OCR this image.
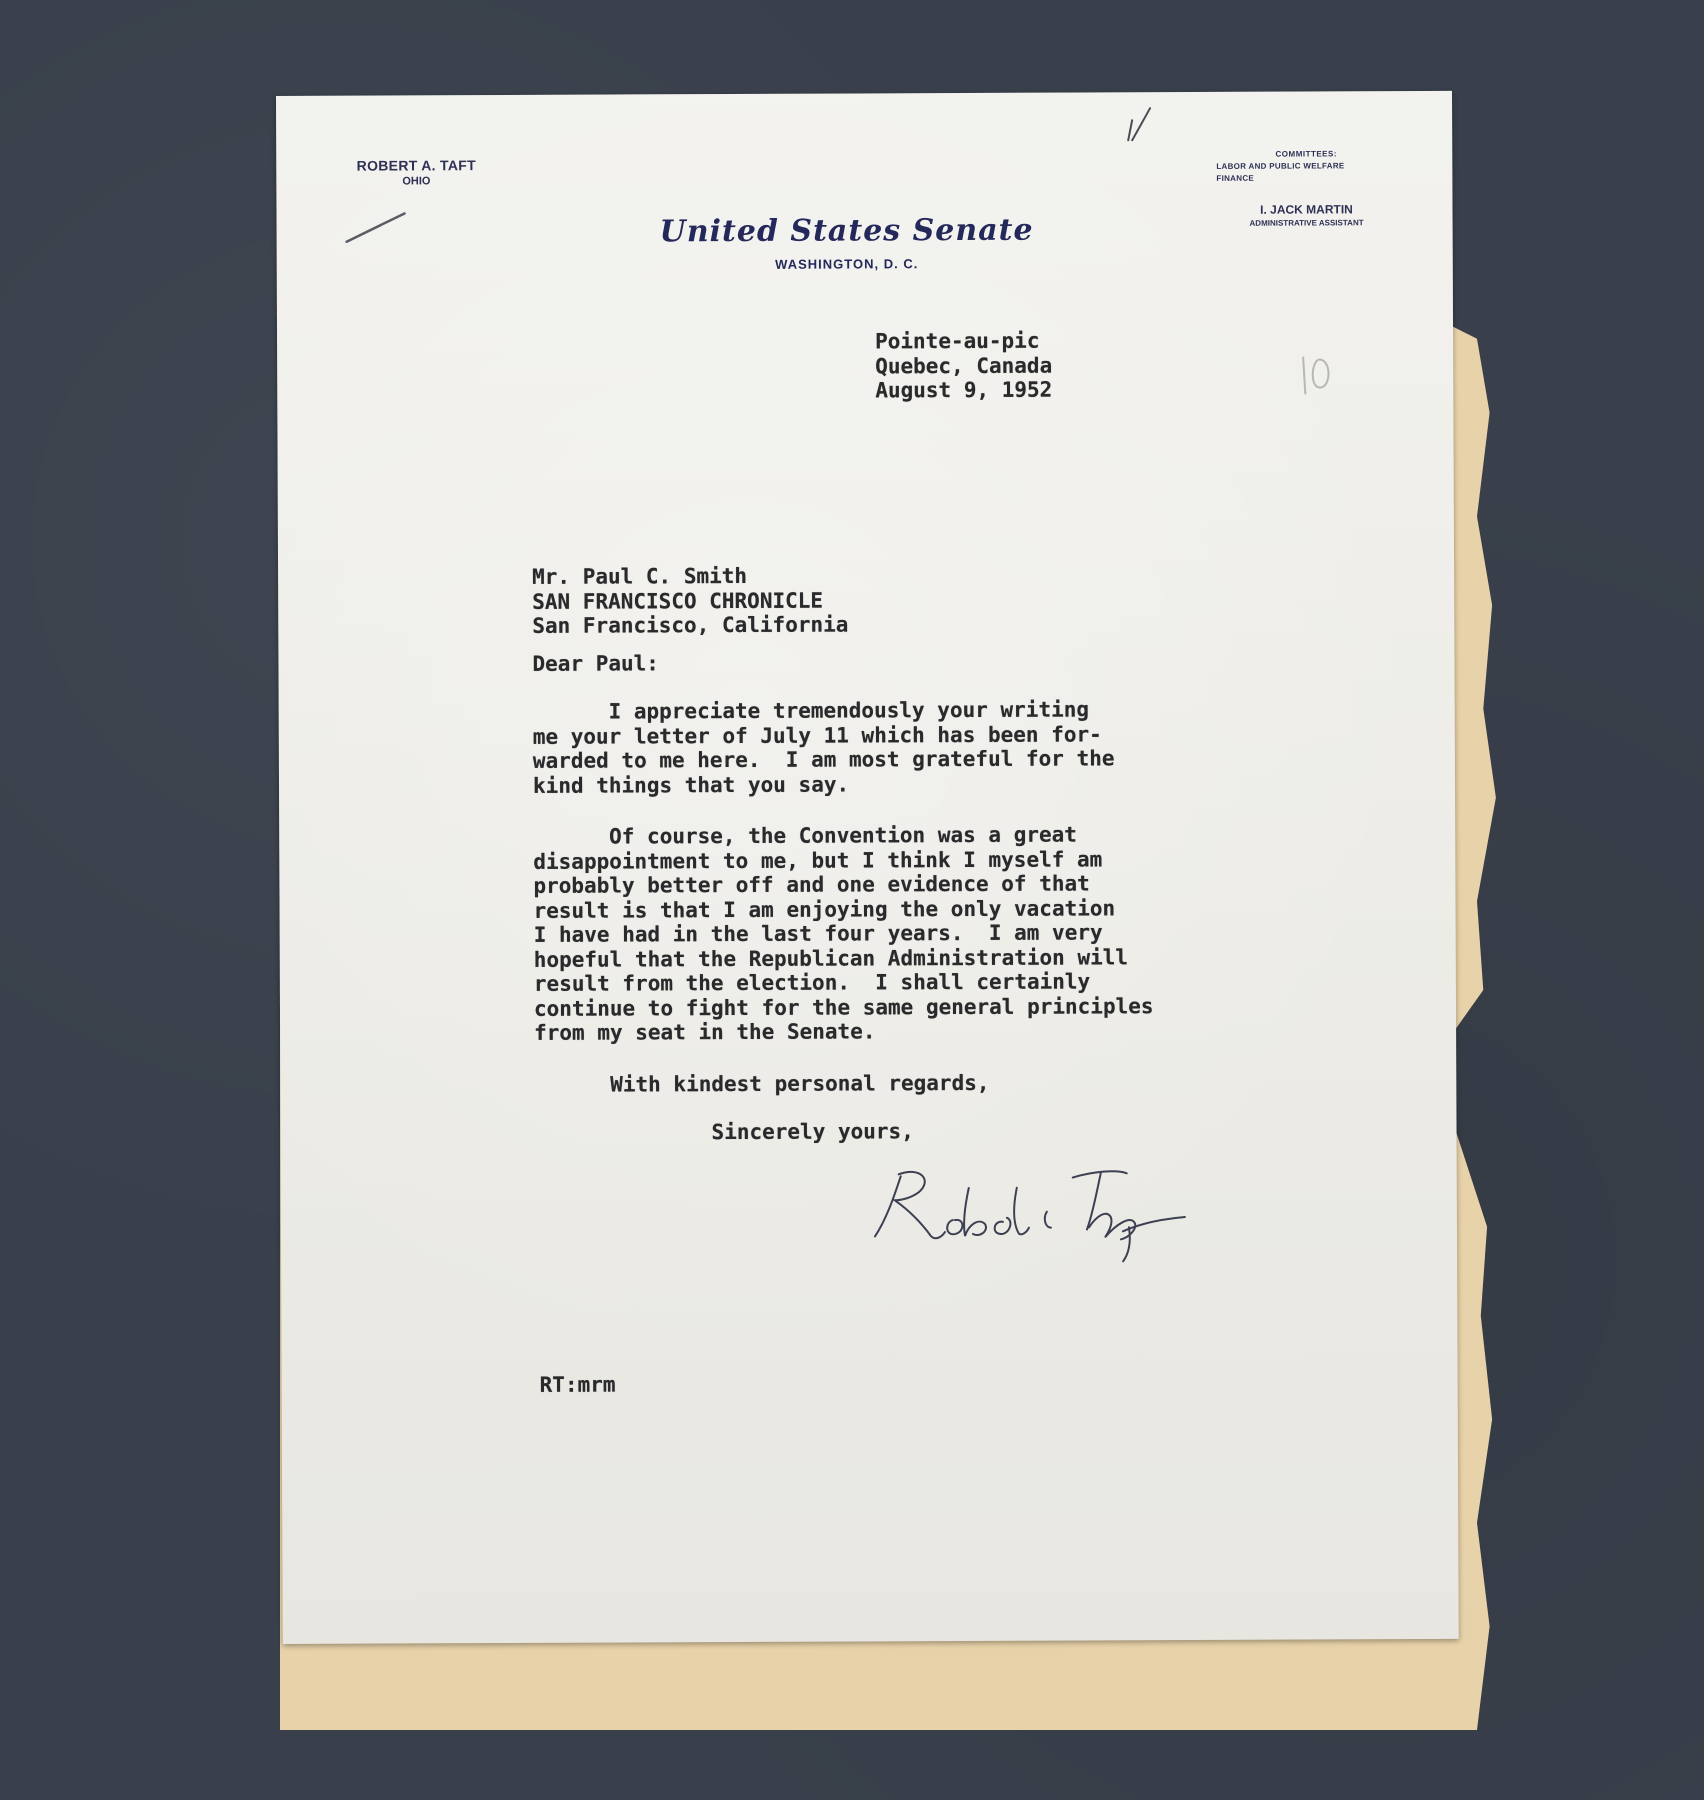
ROBERT A. TAFT
OHIO
United States Senate
WASHINGTON, D. C.
COMMITTEES:
LABOR AND PUBLIC WELFARE
FINANCE
I. JACK MARTIN
ADMINISTRATIVE ASSISTANT
Pointe-au-pic
Quebec, Canada
August 9, 1952
Mr. Paul C. Smith
SAN FRANCISCO CHRONICLE
San Francisco, California
Dear Paul:
I appreciate tremendously your writing
me your letter of July 11 which has been for-
warded to me here.  I am most grateful for the
kind things that you say.
Of course, the Convention was a great
disappointment to me, but I think I myself am
probably better off and one evidence of that
result is that I am enjoying the only vacation
I have had in the last four years.  I am very
hopeful that the Republican Administration will
result from the election.  I shall certainly
continue to fight for the same general principles
from my seat in the Senate.
With kindest personal regards,
Sincerely yours,
RT:mrm
